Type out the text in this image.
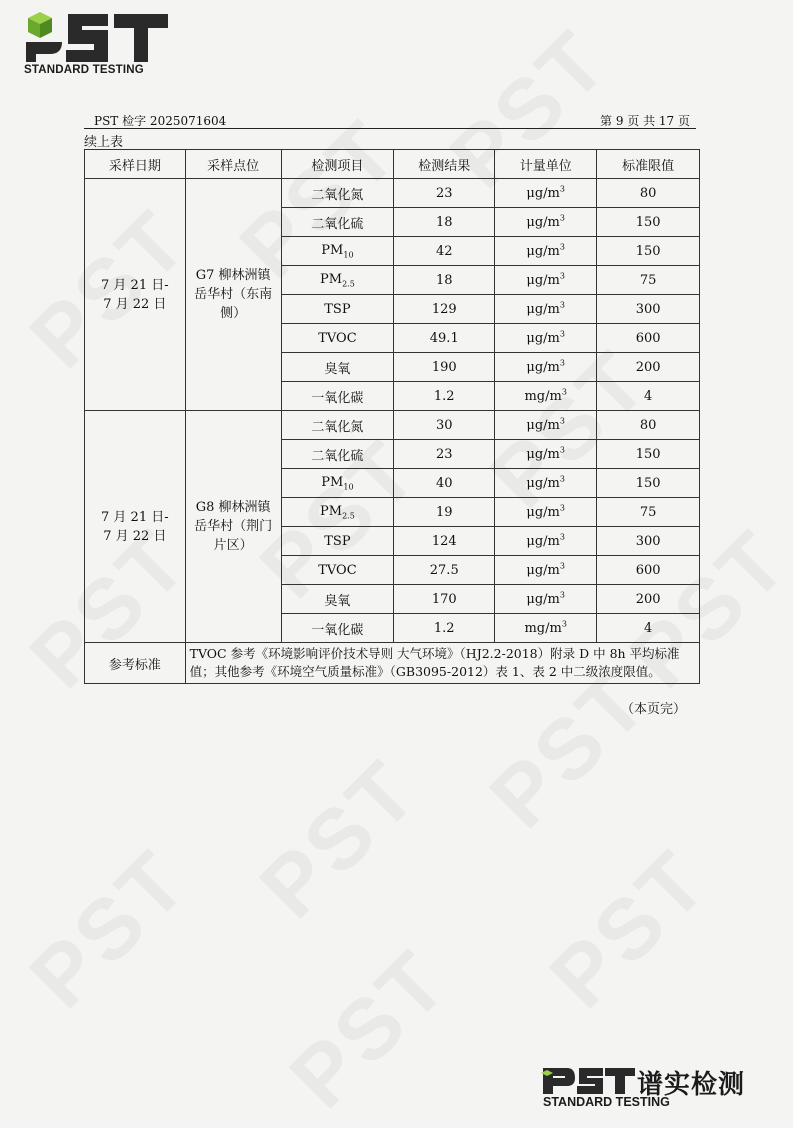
STANDARD TESTING
PST 检字 2025071604	第 9 页 共 17 页
续上表
采样日期	采样点位	检测项目	检测结果	计量单位	标准限值
7 月 21 日-
7 月 22 日	G7 柳林洲镇
岳华村（东南
侧）	二氧化氮	23	$\mu g/m^3$	80
		二氧化硫	18	$\mu g/m^3$	150
		$PM_{10}$	42	$\mu g/m^3$	150
		$PM_{2.5}$	18	$\mu g/m^3$	75
		TSP	129	$\mu g/m^3$	300
		TVOC	49.1	$\mu g/m^3$	600
		臭氧	190	$\mu g/m^3$	200
		一氧化碳	1.2	$mg/m^3$	4
7 月 21 日-
7 月 22 日	G8 柳林洲镇
岳华村（荆门
片区）	二氧化氮	30	$\mu g/m^3$	80
		二氧化硫	23	$\mu g/m^3$	150
		$PM_{10}$	40	$\mu g/m^3$	150
		$PM_{2.5}$	19	$\mu g/m^3$	75
		TSP	124	$\mu g/m^3$	300
		TVOC	27.5	$\mu g/m^3$	600
		臭氧	170	$\mu g/m^3$	200
		一氧化碳	1.2	$mg/m^3$	4
参考标准	TVOC 参考《环境影响评价技术导则 大气环境》（HJ2.2-2018）附录 D 中 8h 平均标准值；其他参考《环境空气质量标准》（GB3095-2012）表 1、表 2 中二级浓度限值。				
（本页完）
谱实检测
STANDARD TESTING
